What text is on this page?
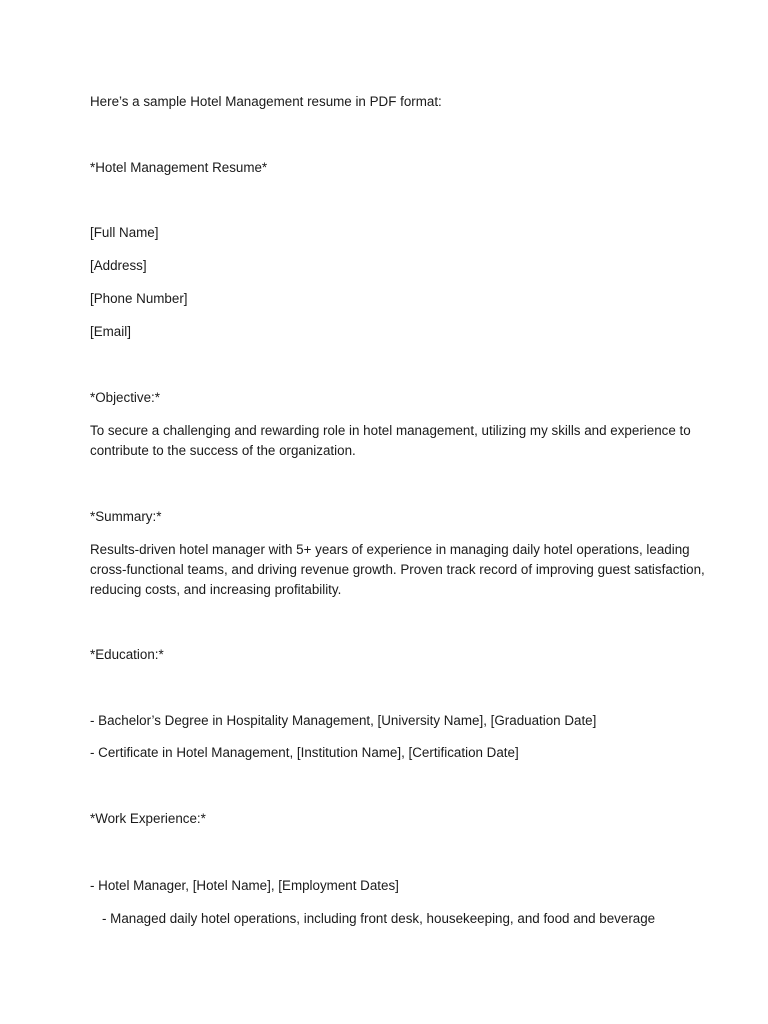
Here’s a sample Hotel Management resume in PDF format:
*Hotel Management Resume*
[Full Name]
[Address]
[Phone Number]
[Email]
*Objective:*
To secure a challenging and rewarding role in hotel management, utilizing my skills and experience to
contribute to the success of the organization.
*Summary:*
Results-driven hotel manager with 5+ years of experience in managing daily hotel operations, leading
cross-functional teams, and driving revenue growth. Proven track record of improving guest satisfaction,
reducing costs, and increasing profitability.
*Education:*
- Bachelor’s Degree in Hospitality Management, [University Name], [Graduation Date]
- Certificate in Hotel Management, [Institution Name], [Certification Date]
*Work Experience:*
- Hotel Manager, [Hotel Name], [Employment Dates]
- Managed daily hotel operations, including front desk, housekeeping, and food and beverage
